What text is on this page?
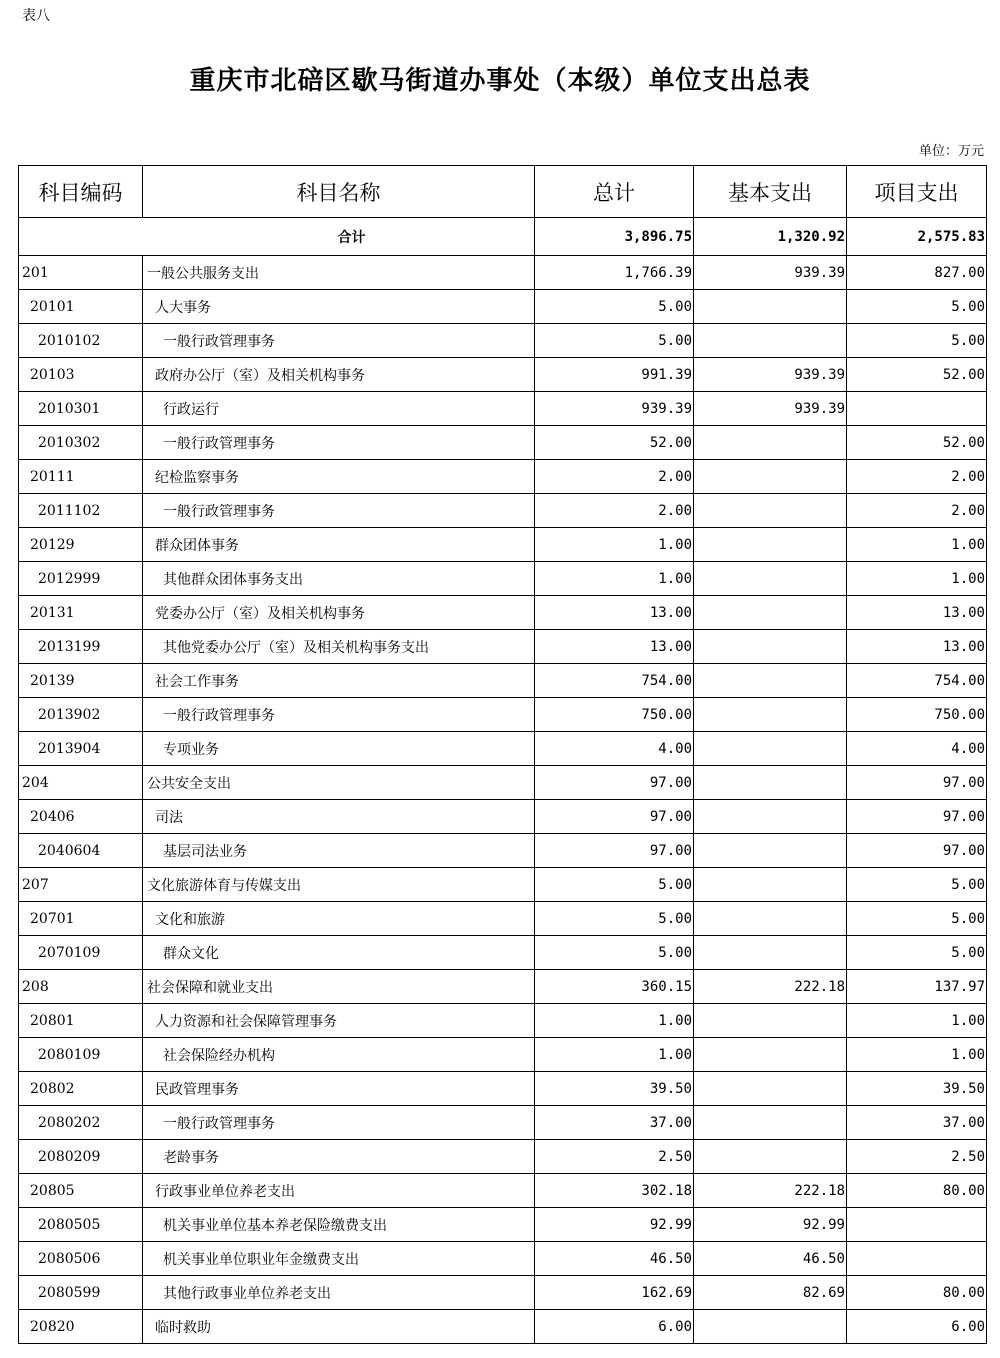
表八
重庆市北碚区歇马街道办事处（本级）单位支出总表
单位：万元
科目编码	科目名称	总计	基本支出	项目支出
合计		3,896.75	1,320.92	2,575.83
201	一般公共服务支出	1,766.39	939.39	827.00
20101	人大事务	5.00		5.00
2010102	一般行政管理事务	5.00		5.00
20103	政府办公厅（室）及相关机构事务	991.39	939.39	52.00
2010301	行政运行	939.39	939.39	
2010302	一般行政管理事务	52.00		52.00
20111	纪检监察事务	2.00		2.00
2011102	一般行政管理事务	2.00		2.00
20129	群众团体事务	1.00		1.00
2012999	其他群众团体事务支出	1.00		1.00
20131	党委办公厅（室）及相关机构事务	13.00		13.00
2013199	其他党委办公厅（室）及相关机构事务支出	13.00		13.00
20139	社会工作事务	754.00		754.00
2013902	一般行政管理事务	750.00		750.00
2013904	专项业务	4.00		4.00
204	公共安全支出	97.00		97.00
20406	司法	97.00		97.00
2040604	基层司法业务	97.00		97.00
207	文化旅游体育与传媒支出	5.00		5.00
20701	文化和旅游	5.00		5.00
2070109	群众文化	5.00		5.00
208	社会保障和就业支出	360.15	222.18	137.97
20801	人力资源和社会保障管理事务	1.00		1.00
2080109	社会保险经办机构	1.00		1.00
20802	民政管理事务	39.50		39.50
2080202	一般行政管理事务	37.00		37.00
2080209	老龄事务	2.50		2.50
20805	行政事业单位养老支出	302.18	222.18	80.00
2080505	机关事业单位基本养老保险缴费支出	92.99	92.99	
2080506	机关事业单位职业年金缴费支出	46.50	46.50	
2080599	其他行政事业单位养老支出	162.69	82.69	80.00
20820	临时救助	6.00		6.00
